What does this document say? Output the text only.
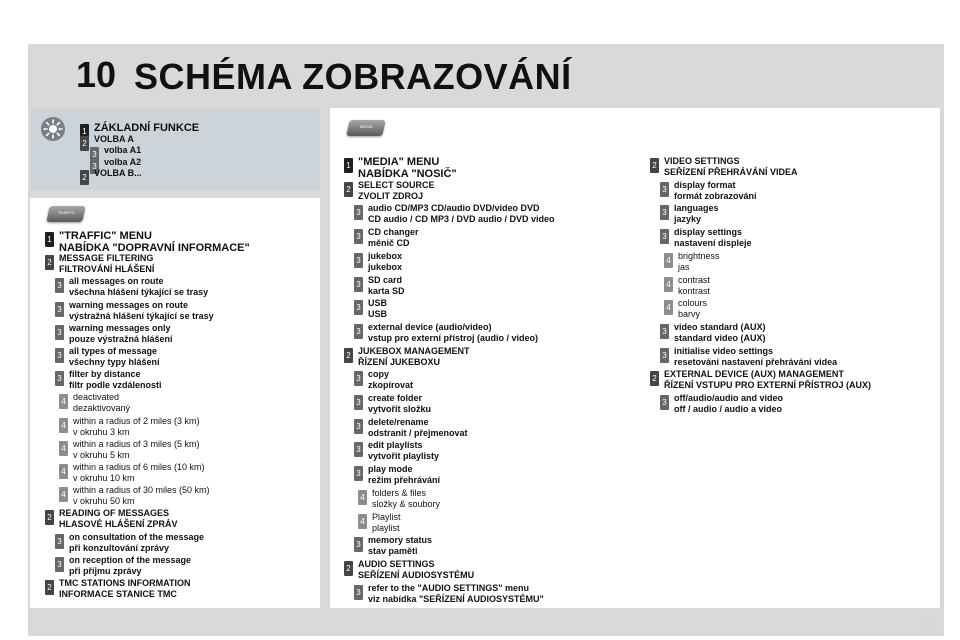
10 SCHÉMA ZOBRAZOVÁNÍ
TRAFFIC
MEDIA
1 ZÁKLADNÍ FUNKCE
2 VOLBA A
3 volba A1
3 volba A2
2 VOLBA B...
1 "TRAFFIC" MENU
NABÍDKA "DOPRAVNÍ INFORMACE"
2 MESSAGE FILTERING
FILTROVÁNÍ HLÁŠENÍ
3 all messages on route
všechna hlášení týkající se trasy
3 warning messages on route
výstražná hlášení týkající se trasy
3 warning messages only
pouze výstražná hlášení
3 all types of message
všechny typy hlášení
3 filter by distance
filtr podle vzdálenosti
4 deactivated
dezaktivovaný
4 within a radius of 2 miles (3 km)
v okruhu 3 km
4 within a radius of 3 miles (5 km)
v okruhu 5 km
4 within a radius of 6 miles (10 km)
v okruhu 10 km
4 within a radius of 30 miles (50 km)
v okruhu 50 km
2 READING OF MESSAGES
HLASOVÉ HLÁŠENÍ ZPRÁV
3 on consultation of the message
při konzultování zprávy
3 on reception of the message
při příjmu zprávy
2 TMC STATIONS INFORMATION
INFORMACE STANICE TMC
1 "MEDIA" MENU
NABÍDKA "NOSIČ"
2 SELECT SOURCE
ZVOLIT ZDROJ
3 audio CD/MP3 CD/audio DVD/video DVD
CD audio / CD MP3 / DVD audio / DVD video
3 CD changer
měnič CD
3 jukebox
jukebox
3 SD card
karta SD
3 USB
USB
3 external device (audio/video)
vstup pro externí přístroj (audio / video)
2 JUKEBOX MANAGEMENT
ŘÍZENÍ JUKEBOXU
3 copy
zkopírovat
3 create folder
vytvořit složku
3 delete/rename
odstranit / přejmenovat
3 edit playlists
vytvořit playlisty
3 play mode
režim přehrávání
4 folders & files
složky & soubory
4 Playlist
playlist
3 memory status
stav paměti
2 AUDIO SETTINGS
SEŘÍZENÍ AUDIOSYSTÉMU
3 refer to the "AUDIO SETTINGS" menu
viz nabídka "SEŘÍZENÍ AUDIOSYSTÉMU"
2 VIDEO SETTINGS
SEŘÍZENÍ PŘEHRÁVÁNÍ VIDEA
3 display format
formát zobrazování
3 languages
jazyky
3 display settings
nastavení displeje
4 brightness
jas
4 contrast
kontrast
4 colours
barvy
3 video standard (AUX)
standard video (AUX)
3 initialise video settings
resetování nastavení přehrávání videa
2 EXTERNAL DEVICE (AUX) MANAGEMENT
ŘÍZENÍ VSTUPU PRO EXTERNÍ PŘÍSTROJ (AUX)
3 off/audio/audio and video
off / audio / audio a video
9.1
